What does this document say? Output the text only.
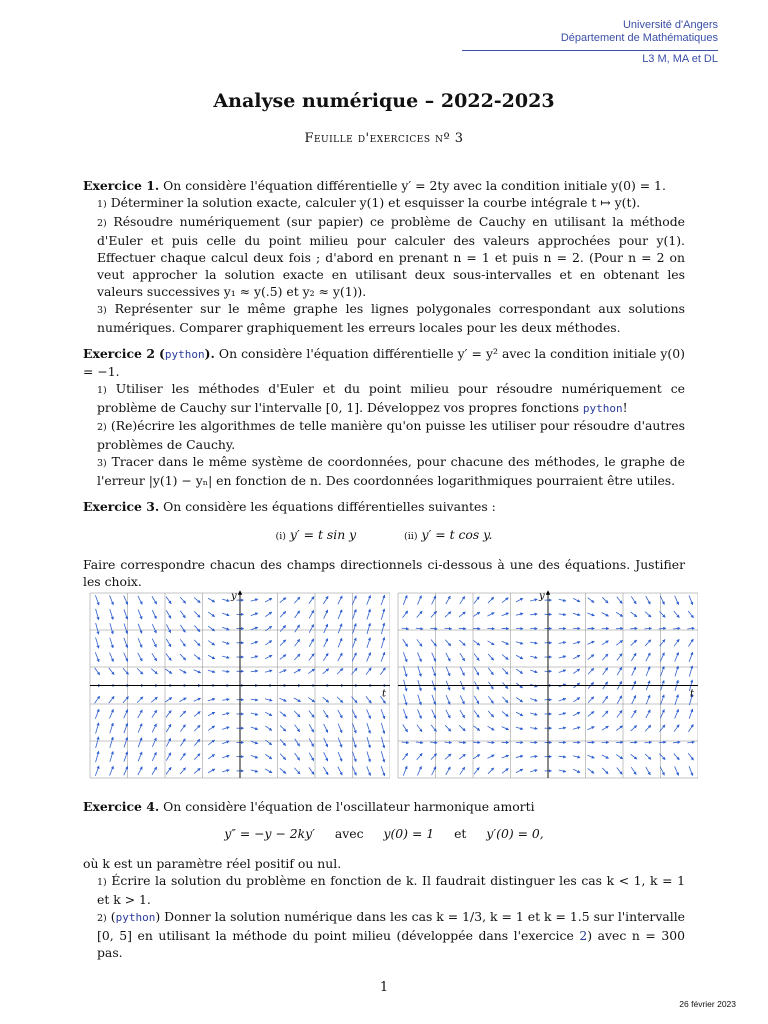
Université d'Angers
Département de Mathématiques
L3 M, MA et DL
Analyse numérique – 2022-2023
Feuille d'exercices nº 3
Exercice 1. On considère l'équation différentielle y′ = 2ty avec la condition initiale y(0) = 1.
1) Déterminer la solution exacte, calculer y(1) et esquisser la courbe intégrale t ↦ y(t).
2) Résoudre numériquement (sur papier) ce problème de Cauchy en utilisant la méthode d'Euler et puis celle du point milieu pour calculer des valeurs approchées pour y(1). Effectuer chaque calcul deux fois ; d'abord en prenant n = 1 et puis n = 2. (Pour n = 2 on veut approcher la solution exacte en utilisant deux sous-intervalles et en obtenant les valeurs successives y₁ ≈ y(.5) et y₂ ≈ y(1)).
3) Représenter sur le même graphe les lignes polygonales correspondant aux solutions numériques. Comparer graphiquement les erreurs locales pour les deux méthodes.
Exercice 2 (python). On considère l'équation différentielle y′ = y² avec la condition initiale y(0) = −1.
1) Utiliser les méthodes d'Euler et du point milieu pour résoudre numériquement ce problème de Cauchy sur l'intervalle [0, 1]. Développez vos propres fonctions python!
2) (Re)écrire les algorithmes de telle manière qu'on puisse les utiliser pour résoudre d'autres problèmes de Cauchy.
3) Tracer dans le même système de coordonnées, pour chacune des méthodes, le graphe de l'erreur |y(1) − yₙ| en fonction de n. Des coordonnées logarithmiques pourraient être utiles.
Exercice 3. On considère les équations différentielles suivantes :
(i) y′ = t sin y	(ii) y′ = t cos y.
Faire correspondre chacun des champs directionnels ci-dessous à une des équations. Justifier les choix.
t
y
t
y
Exercice 4. On considère l'équation de l'oscillateur harmonique amorti
y″ = −y − 2ky′ avec y(0) = 1 et y′(0) = 0,
où k est un paramètre réel positif ou nul.
1) Écrire la solution du problème en fonction de k. Il faudrait distinguer les cas k < 1, k = 1 et k > 1.
2) (python) Donner la solution numérique dans les cas k = 1/3, k = 1 et k = 1.5 sur l'intervalle [0, 5] en utilisant la méthode du point milieu (développée dans l'exercice 2) avec n = 300 pas.
1
26 février 2023
